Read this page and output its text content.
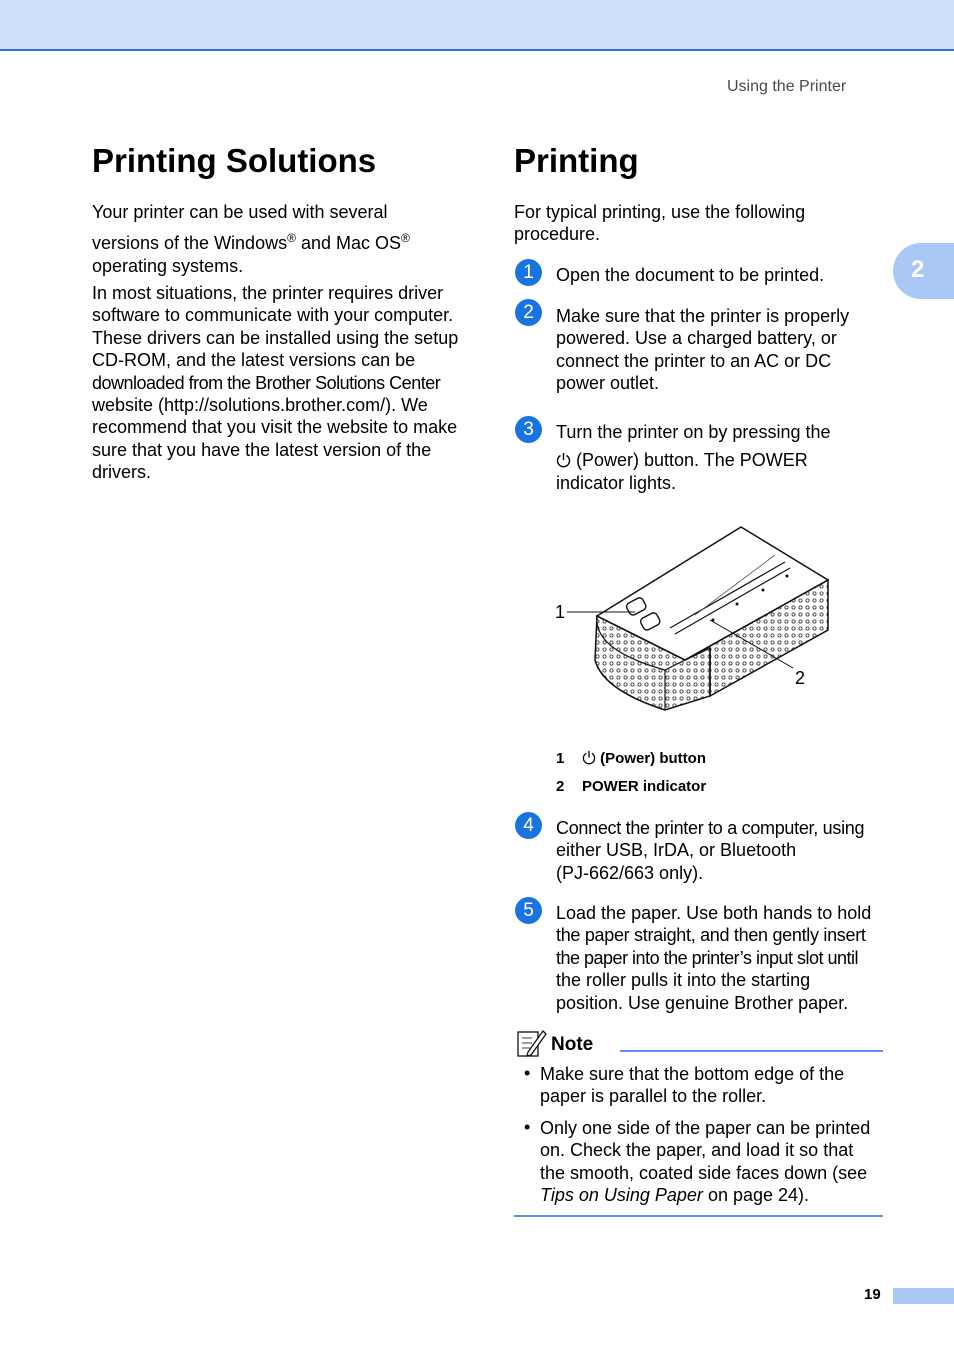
Using the Printer
2
Printing Solutions
Your printer can be used with several
versions of the Windows® and Mac OS®
operating systems.
In most situations, the printer requires driver
software to communicate with your computer.
These drivers can be installed using the setup
CD-ROM, and the latest versions can be
downloaded from the Brother Solutions Center
website (http://solutions.brother.com/). We
recommend that you visit the website to make
sure that you have the latest version of the
drivers.
Printing
For typical printing, use the following
procedure.
1	Open the document to be printed.
2	Make sure that the printer is properly
powered. Use a charged battery, or
connect the printer to an AC or DC
power outlet.
3	Turn the printer on by pressing the
(Power) button. The POWER
indicator lights.
1
2
1 (Power) button
2 POWER indicator
4	Connect the printer to a computer, using
either USB, IrDA, or Bluetooth
(PJ-662/663 only).
5	Load the paper. Use both hands to hold
the paper straight, and then gently insert
the paper into the printer’s input slot until
the roller pulls it into the starting
position. Use genuine Brother paper.
Note
• Make sure that the bottom edge of the
paper is parallel to the roller.
• Only one side of the paper can be printed
on. Check the paper, and load it so that
the smooth, coated side faces down (see
Tips on Using Paper on page 24).
19
